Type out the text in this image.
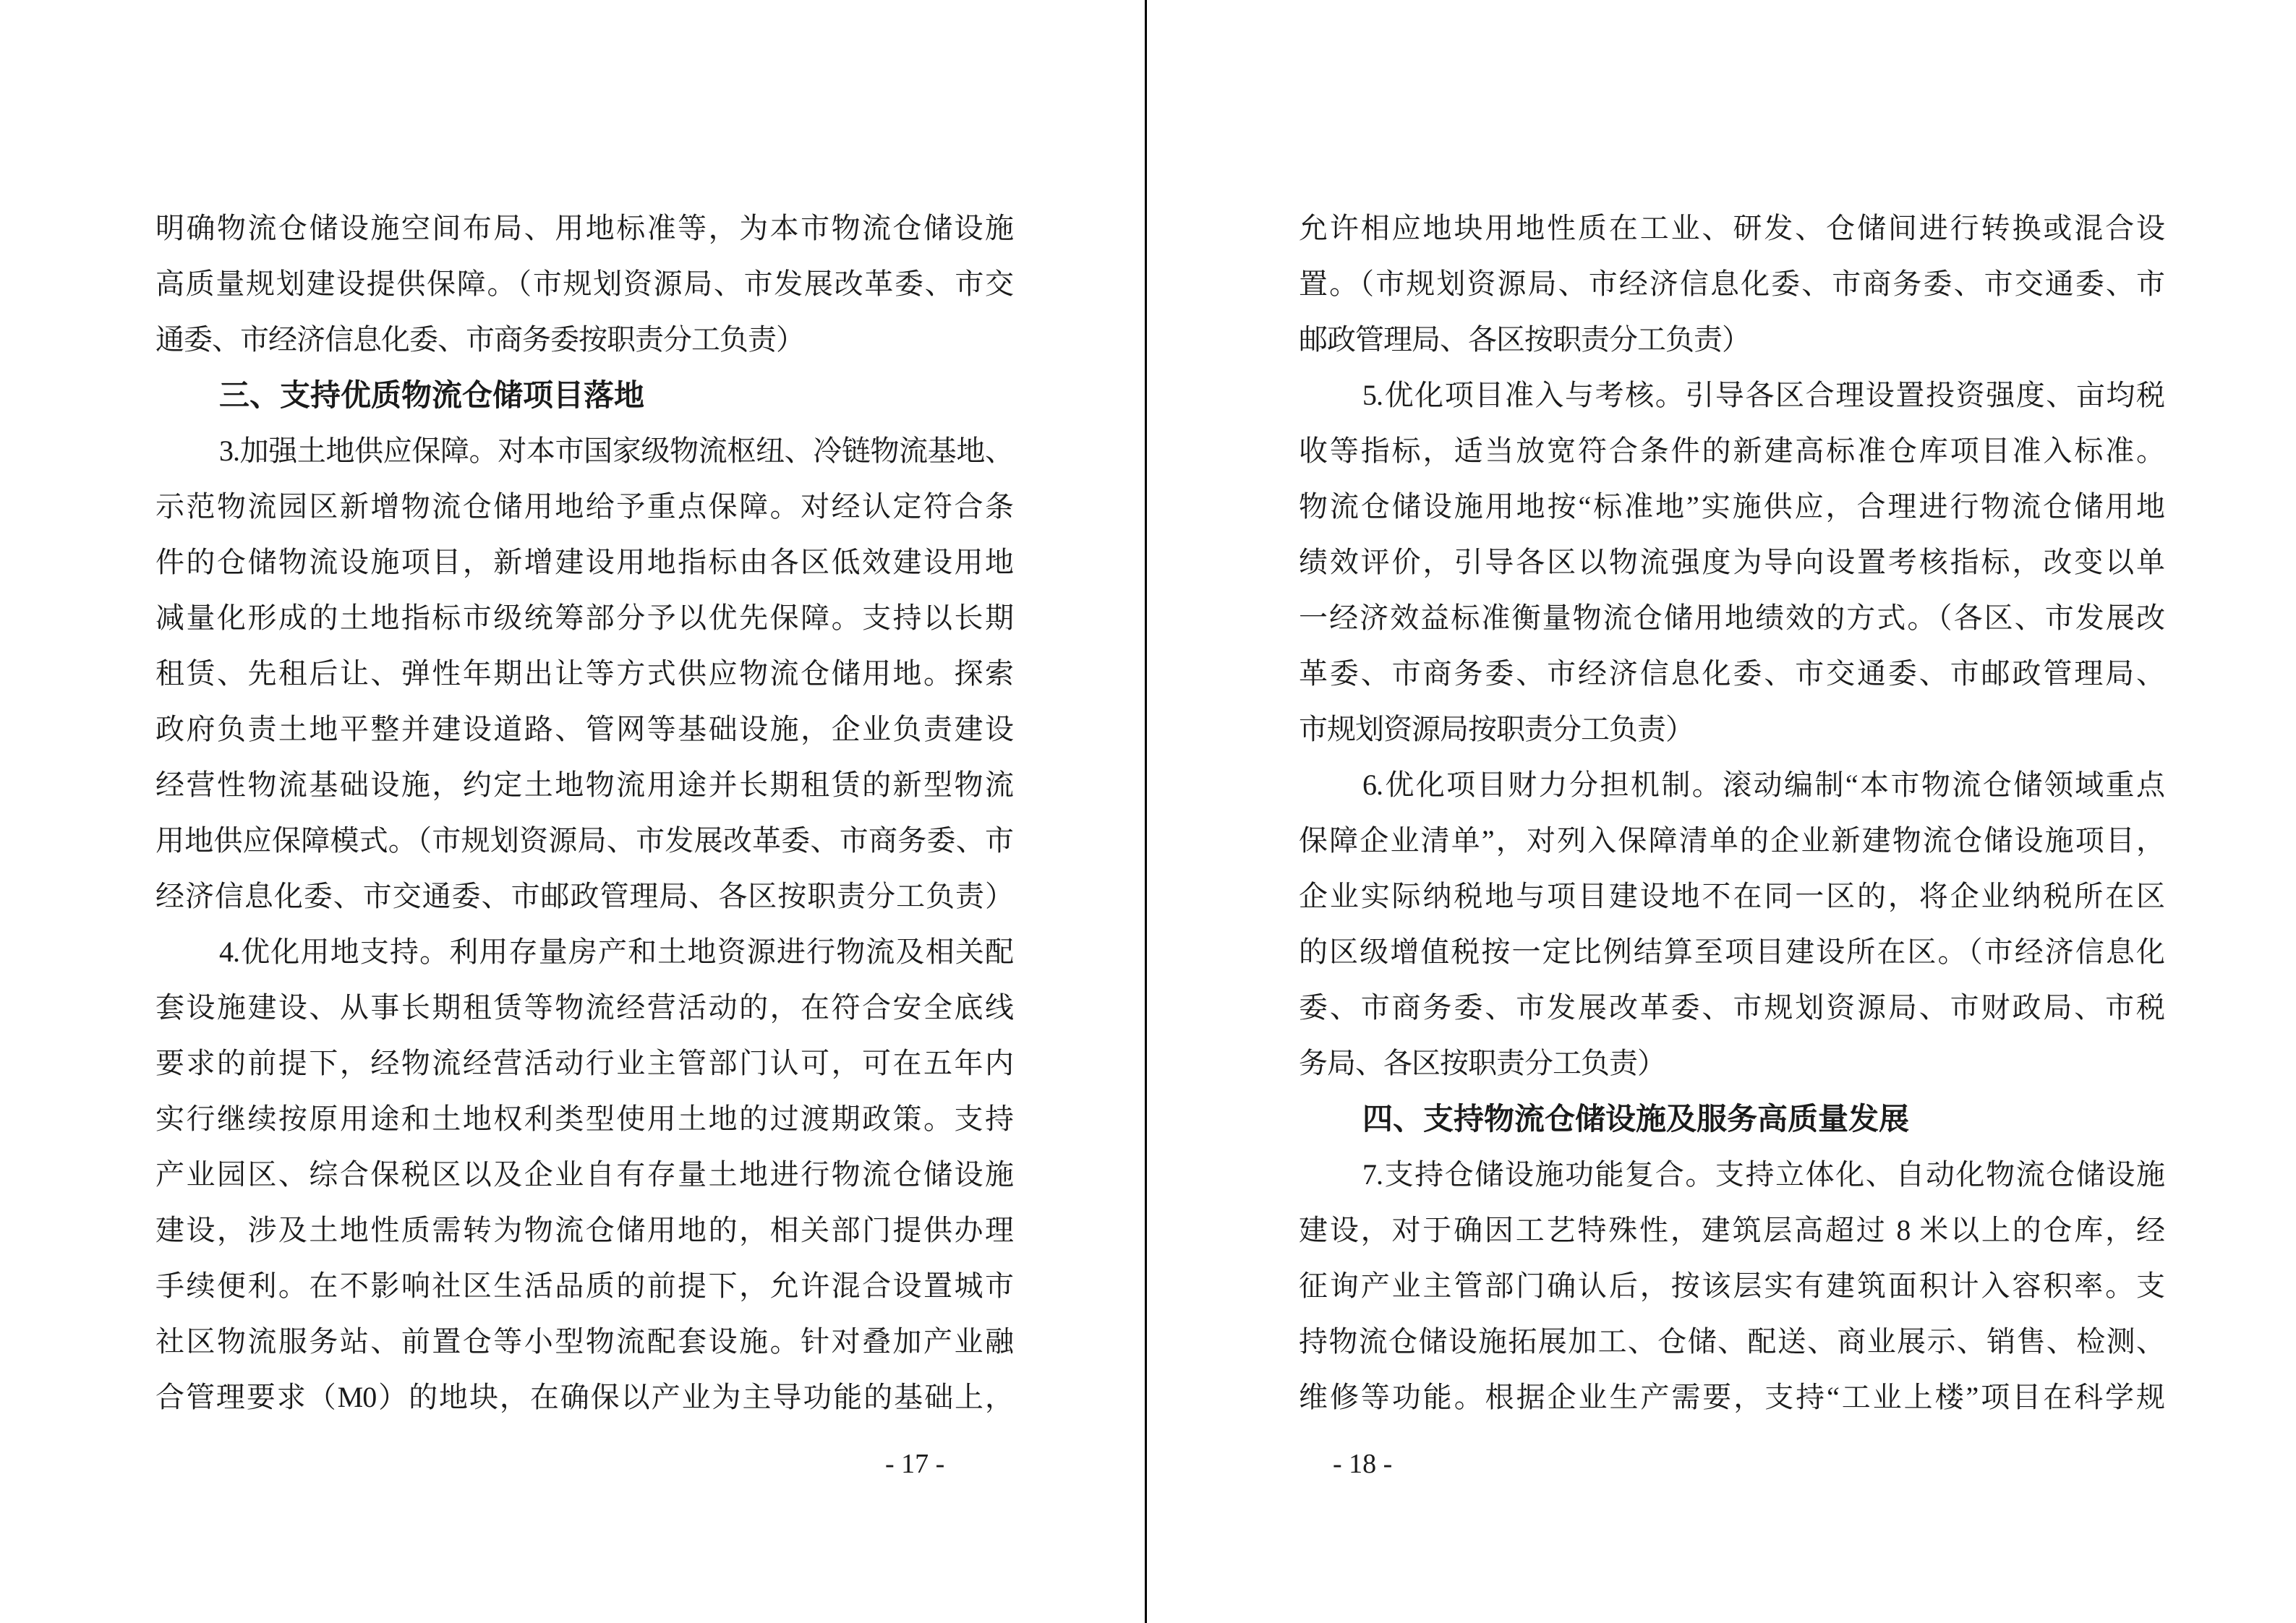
明确物流仓储设施空间布局、用地标准等，为本市物流仓储设施
高质量规划建设提供保障。（市规划资源局、市发展改革委、市交
通委、市经济信息化委、市商务委按职责分工负责）
三、支持优质物流仓储项目落地
3.加强土地供应保障。对本市国家级物流枢纽、冷链物流基地、
示范物流园区新增物流仓储用地给予重点保障。对经认定符合条
件的仓储物流设施项目，新增建设用地指标由各区低效建设用地
减量化形成的土地指标市级统筹部分予以优先保障。支持以长期
租赁、先租后让、弹性年期出让等方式供应物流仓储用地。探索
政府负责土地平整并建设道路、管网等基础设施，企业负责建设
经营性物流基础设施，约定土地物流用途并长期租赁的新型物流
用地供应保障模式。（市规划资源局、市发展改革委、市商务委、市
经济信息化委、市交通委、市邮政管理局、各区按职责分工负责）
4.优化用地支持。利用存量房产和土地资源进行物流及相关配
套设施建设、从事长期租赁等物流经营活动的，在符合安全底线
要求的前提下，经物流经营活动行业主管部门认可，可在五年内
实行继续按原用途和土地权利类型使用土地的过渡期政策。支持
产业园区、综合保税区以及企业自有存量土地进行物流仓储设施
建设，涉及土地性质需转为物流仓储用地的，相关部门提供办理
手续便利。在不影响社区生活品质的前提下，允许混合设置城市
社区物流服务站、前置仓等小型物流配套设施。针对叠加产业融
合管理要求（M0）的地块，在确保以产业为主导功能的基础上，
允许相应地块用地性质在工业、研发、仓储间进行转换或混合设
置。（市规划资源局、市经济信息化委、市商务委、市交通委、市
邮政管理局、各区按职责分工负责）
5.优化项目准入与考核。引导各区合理设置投资强度、亩均税
收等指标，适当放宽符合条件的新建高标准仓库项目准入标准。
物流仓储设施用地按“标准地”实施供应，合理进行物流仓储用地
绩效评价，引导各区以物流强度为导向设置考核指标，改变以单
一经济效益标准衡量物流仓储用地绩效的方式。（各区、市发展改
革委、市商务委、市经济信息化委、市交通委、市邮政管理局、
市规划资源局按职责分工负责）
6.优化项目财力分担机制。滚动编制“本市物流仓储领域重点
保障企业清单”，对列入保障清单的企业新建物流仓储设施项目，
企业实际纳税地与项目建设地不在同一区的，将企业纳税所在区
的区级增值税按一定比例结算至项目建设所在区。（市经济信息化
委、市商务委、市发展改革委、市规划资源局、市财政局、市税
务局、各区按职责分工负责）
四、支持物流仓储设施及服务高质量发展
7.支持仓储设施功能复合。支持立体化、自动化物流仓储设施
建设，对于确因工艺特殊性，建筑层高超过 8 米以上的仓库，经
征询产业主管部门确认后，按该层实有建筑面积计入容积率。支
持物流仓储设施拓展加工、仓储、配送、商业展示、销售、检测、
维修等功能。根据企业生产需要，支持“工业上楼”项目在科学规
- 17 -	- 18 -
